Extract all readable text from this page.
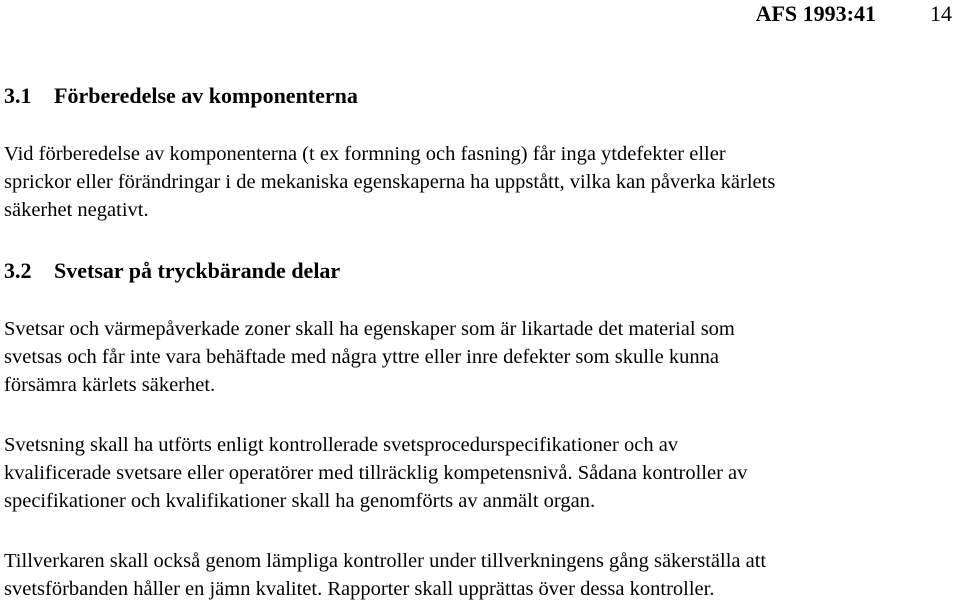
AFS 1993:41 14
3.1 Förberedelse av komponenterna

Vid förberedelse av komponenterna (t ex formning och fasning) får inga ytdefekter eller
sprickor eller förändringar i de mekaniska egenskaperna ha uppstått, vilka kan påverka kärlets
säkerhet negativt.

3.2 Svetsar på tryckbärande delar

Svetsar och värmepåverkade zoner skall ha egenskaper som är likartade det material som
svetsas och får inte vara behäftade med några yttre eller inre defekter som skulle kunna
försämra kärlets säkerhet.

Svetsning skall ha utförts enligt kontrollerade svetsprocedurspecifikationer och av
kvalificerade svetsare eller operatörer med tillräcklig kompetensnivå. Sådana kontroller av
specifikationer och kvalifikationer skall ha genomförts av anmält organ.

Tillverkaren skall också genom lämpliga kontroller under tillverkningens gång säkerställa att
svetsförbanden håller en jämn kvalitet. Rapporter skall upprättas över dessa kontroller.
